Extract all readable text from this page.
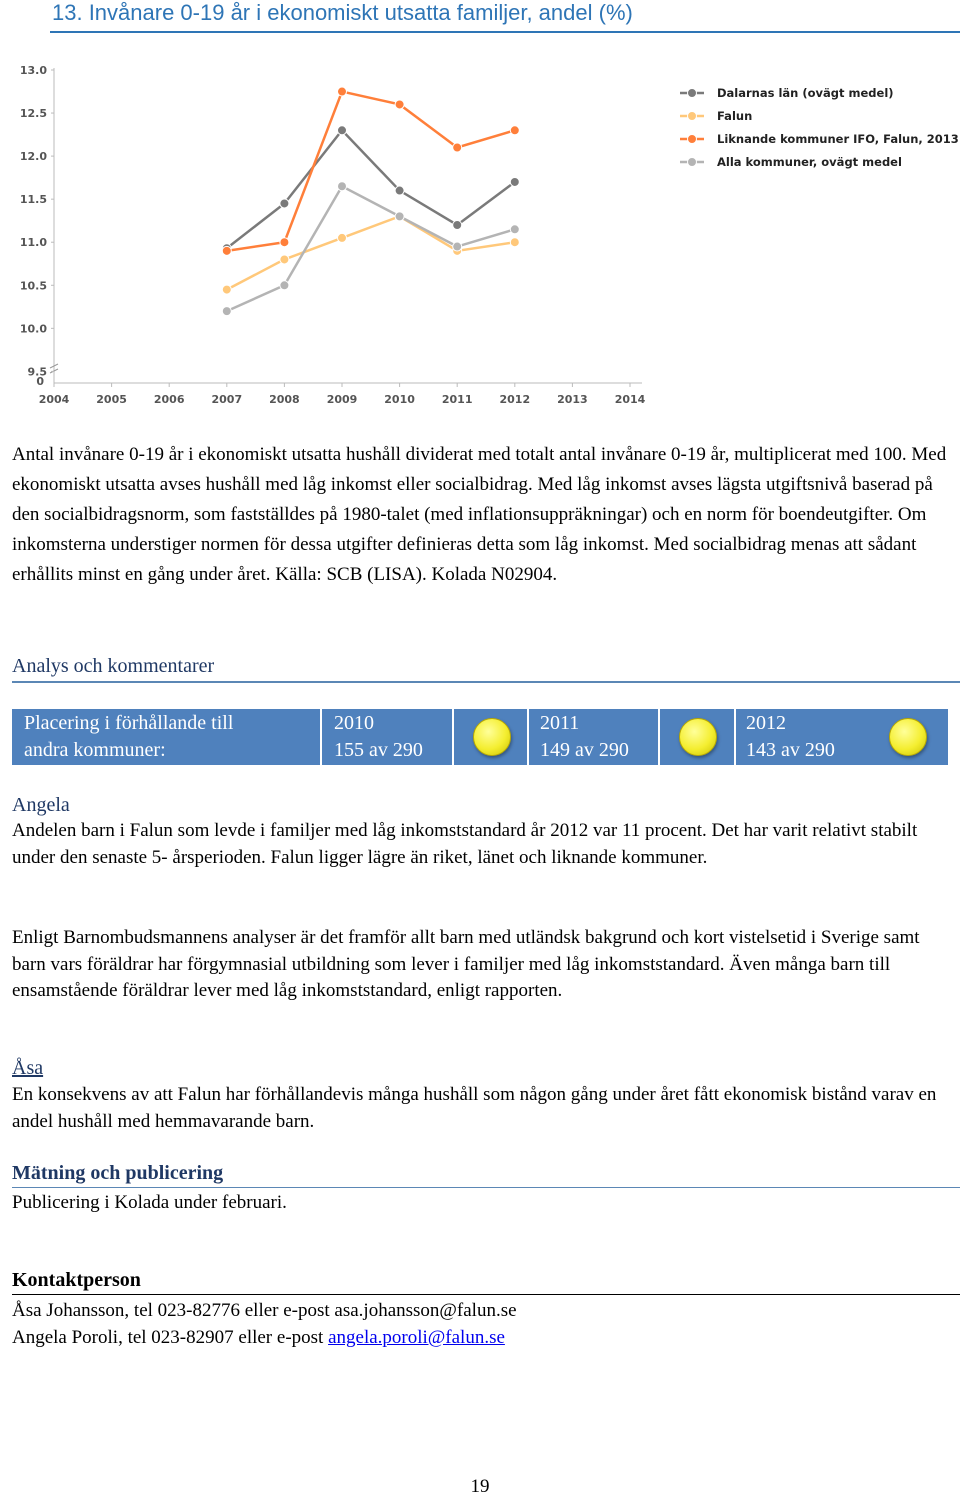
13. Invånare 0-19 år i ekonomiskt utsatta familjer, andel (%)
13.0
12.5
12.0
11.5
11.0
10.5
10.0
9.5
0
2004 2005 2006 2007 2008 2009 2010 2011 2012 2013 2014
Dalarnas län (ovägt medel)
Falun
Liknande kommuner IFO, Falun, 2013
Alla kommuner, ovägt medel

Antal invånare 0-19 år i ekonomiskt utsatta hushåll dividerat med totalt antal invånare 0-19 år, multiplicerat med 100. Med ekonomiskt utsatta avses hushåll med låg inkomst eller socialbidrag. Med låg inkomst avses lägsta utgiftsnivå baserad på den socialbidragsnorm, som fastställdes på 1980-talet (med inflationsuppräkningar) och en norm för boendeutgifter. Om inkomsterna understiger normen för dessa utgifter definieras detta som låg inkomst. Med socialbidrag menas att sådant erhållits minst en gång under året. Källa: SCB (LISA). Kolada N02904.

Analys och kommentarer
Placering i förhållande till
andra kommuner:
2010
155 av 290
2011
149 av 290
2012
143 av 290
Angela

Andelen barn i Falun som levde i familjer med låg inkomststandard år 2012 var 11 procent. Det har varit relativt stabilt under den senaste 5- årsperioden. Falun ligger lägre än riket, länet och liknande kommuner.

Enligt Barnombudsmannens analyser är det framför allt barn med utländsk bakgrund och kort vistelsetid i Sverige samt barn vars föräldrar har förgymnasial utbildning som lever i familjer med låg inkomststandard. Även många barn till ensamstående föräldrar lever med låg inkomststandard, enligt rapporten.

Åsa

En konsekvens av att Falun har förhållandevis många hushåll som någon gång under året fått ekonomisk bistånd varav en andel hushåll med hemmavarande barn.

Mätning och publicering

Publicering i Kolada under februari.

Kontaktperson

Åsa Johansson, tel 023-82776 eller e-post asa.johansson@falun.se

Angela Poroli, tel 023-82907 eller e-post angela.poroli@falun.se

19
